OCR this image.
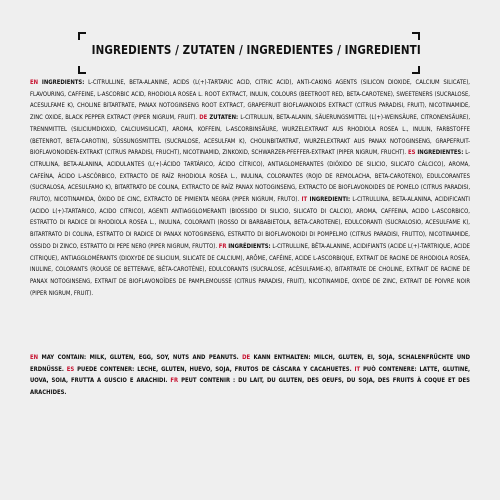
INGREDIENTS / ZUTATEN / INGREDIENTES / INGREDIENTI
EN INGREDIENTS: L-CITRULLINE, BETA-ALANINE, ACIDS (L(+)-TARTARIC ACID, CITRIC ACID), ANTI-CAKING AGENTS (SILICON DIOXIDE, CALCIUM SILICATE), FLAVOURING, CAFFEINE, L-ASCORBIC ACID, RHODIOLA ROSEA L. ROOT EXTRACT, INULIN, COLOURS (BEETROOT RED, BETA-CAROTENE), SWEETENERS (SUCRALOSE, ACESULFAME K), CHOLINE BITARTRATE, PANAX NOTOGINSENG ROOT EXTRACT, GRAPEFRUIT BIOFLAVANOIDS EXTRACT (CITRUS PARADISI, FRUIT), NICOTINAMIDE, ZINC OXIDE, BLACK PEPPER EXTRACT (PIPER NIGRUM, FRUIT). DE ZUTATEN: L-CITRULLIN, BETA-ALANIN, SÄUERUNGSMITTEL (L(+)-WEINSÄURE, CITRONENSÄURE), TRENNMITTEL (SILICIUMDIOXID, CALCIUMSILICAT), AROMA, KOFFEIN, L-ASCORBINSÄURE, WURZELEXTRAKT AUS RHODIOLA ROSEA L., INULIN, FARBSTOFFE (BETENROT, BETA-CAROTIN), SÜSSUNGSMITTEL (SUCRALOSE, ACESULFAM K), CHOLINBITARTRAT, WURZELEXTRAKT AUS PANAX NOTOGINSENG, GRAPEFRUIT-BIOFLAVONOIDEN-EXTRAKT (CITRUS PARADISI, FRUCHT), NICOTINAMID, ZINKOXID, SCHWARZER-PFEFFER-EXTRAKT (PIPER NIGRUM, FRUCHT). ES INGREDIENTES: L-CITRULINA, BETA-ALANINA, ACIDULANTES (L(+)-ÁCIDO TARTÁRICO, ÁCIDO CÍTRICO), ANTIAGLOMERANTES (DIÓXIDO DE SILICIO, SILICATO CÁLCICO), AROMA, CAFEÍNA, ÁCIDO L-ASCÓRBICO, EXTRACTO DE RAÍZ RHODIOLA ROSEA L., INULINA, COLORANTES (ROJO DE REMOLACHA, BETA-CAROTENO), EDULCORANTES (SUCRALOSA, ACESULFAMO K), BITARTRATO DE COLINA, EXTRACTO DE RAÍZ PANAX NOTOGINSENG, EXTRACTO DE BIOFLAVONOIDES DE POMELO (CITRUS PARADISI, FRUTO), NICOTINAMIDA, ÓXIDO DE CINC, EXTRACTO DE PIMIENTA NEGRA (PIPER NIGRUM, FRUTO). IT INGREDIENTI: L-CITRULLINA, BETA-ALANINA, ACIDIFICANTI (ACIDO L(+)-TARTARICO, ACIDO CITRICO), AGENTI ANTIAGGLOMERANTI (BIOSSIDO DI SILICIO, SILICATO DI CALCIO), AROMA, CAFFEINA, ACIDO L-ASCORBICO, ESTRATTO DI RADICE DI RHODIOLA ROSEA L., INULINA, COLORANTI (ROSSO DI BARBABIETOLA, BETA-CAROTENE), EDULCORANTI (SUCRALOSIO, ACESULFAME K), BITARTRATO DI COLINA, ESTRATTO DI RADICE DI PANAX NOTOGINSENG, ESTRATTO DI BIOFLAVONOIDI DI POMPELMO (CITRUS PARADISI, FRUTTO), NICOTINAMIDE, OSSIDO DI ZINCO, ESTRATTO DI PEPE NERO (PIPER NIGRUM, FRUTTO). FR INGRÉDIENTS: L-CITRULLINE, BÊTA-ALANINE, ACIDIFIANTS (ACIDE L(+)-TARTRIQUE, ACIDE CITRIQUE), ANTIAGGLOMÉRANTS (DIOXYDE DE SILICIUM, SILICATE DE CALCIUM), ARÔME, CAFÉINE, ACIDE L-ASCORBIQUE, EXTRAIT DE RACINE DE RHODIOLA ROSEA, INULINE, COLORANTS (ROUGE DE BETTERAVE, BÊTA-CAROTÈNE), EDULCORANTS (SUCRALOSE, ACÉSULFAME-K), BITARTRATE DE CHOLINE, EXTRAIT DE RACINE DE PANAX NOTOGINSENG, EXTRAIT DE BIOFLAVONOÏDES DE PAMPLEMOUSSE (CITRUS PARADISI, FRUIT), NICOTINAMIDE, OXYDE DE ZINC, EXTRAIT DE POIVRE NOIR (PIPER NIGRUM, FRUIT).
EN MAY CONTAIN: MILK, GLUTEN, EGG, SOY, NUTS AND PEANUTS. DE KANN ENTHALTEN: MILCH, GLUTEN, EI, SOJA, SCHALENFRÜCHTE UND ERDNÜSSE. ES PUEDE CONTENER: LECHE, GLUTEN, HUEVO, SOJA, FRUTOS DE CÁSCARA Y CACAHUETES. IT PUÒ CONTENERE: LATTE, GLUTINE, UOVA, SOIA, FRUTTA A GUSCIO E ARACHIDI. FR PEUT CONTENIR : DU LAIT, DU GLUTEN, DES OEUFS, DU SOJA, DES FRUITS À COQUE ET DES ARACHIDES.
